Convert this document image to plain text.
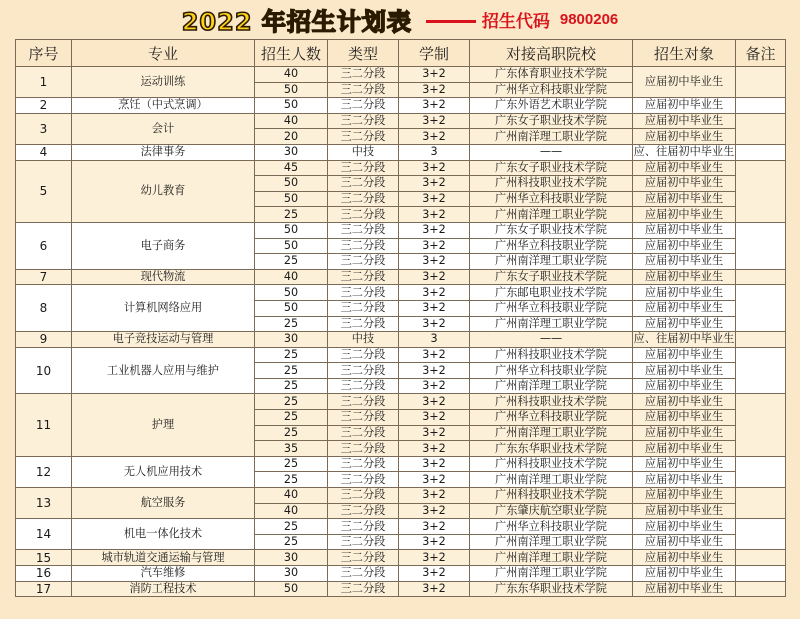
2022 年招生计划表	招生代码 9800206
序号	专业	招生人数	类型	学制	对接高职院校	招生对象	备注
1	运动训练	40	三二分段	3+2	广东体育职业技术学院	应届初中毕业生	
		50	三二分段	3+2	广州华立科技职业学院		
2	烹饪（中式烹调）	50	三二分段	3+2	广东外语艺术职业学院	应届初中毕业生	
3	会计	40	三二分段	3+2	广东女子职业技术学院	应届初中毕业生	
		20	三二分段	3+2	广州南洋理工职业学院	应届初中毕业生	
4	法律事务	30	中技	3	——	应、往届初中毕业生	
5	幼儿教育	45	三二分段	3+2	广东女子职业技术学院	应届初中毕业生	
		50	三二分段	3+2	广州科技职业技术学院	应届初中毕业生	
		50	三二分段	3+2	广州华立科技职业学院	应届初中毕业生	
		25	三二分段	3+2	广州南洋理工职业学院	应届初中毕业生	
6	电子商务	50	三二分段	3+2	广东女子职业技术学院	应届初中毕业生	
		50	三二分段	3+2	广州华立科技职业学院	应届初中毕业生	
		25	三二分段	3+2	广州南洋理工职业学院	应届初中毕业生	
7	现代物流	40	三二分段	3+2	广东女子职业技术学院	应届初中毕业生	
8	计算机网络应用	50	三二分段	3+2	广东邮电职业技术学院	应届初中毕业生	
		50	三二分段	3+2	广州华立科技职业学院	应届初中毕业生	
		25	三二分段	3+2	广州南洋理工职业学院	应届初中毕业生	
9	电子竞技运动与管理	30	中技	3	——	应、往届初中毕业生	
10	工业机器人应用与维护	25	三二分段	3+2	广州科技职业技术学院	应届初中毕业生	
		25	三二分段	3+2	广州华立科技职业学院	应届初中毕业生	
		25	三二分段	3+2	广州南洋理工职业学院	应届初中毕业生	
11	护理	25	三二分段	3+2	广州科技职业技术学院	应届初中毕业生	
		25	三二分段	3+2	广州华立科技职业学院	应届初中毕业生	
		25	三二分段	3+2	广州南洋理工职业学院	应届初中毕业生	
		35	三二分段	3+2	广东东华职业技术学院	应届初中毕业生	
12	无人机应用技术	25	三二分段	3+2	广州科技职业技术学院	应届初中毕业生	
		25	三二分段	3+2	广州南洋理工职业学院	应届初中毕业生	
13	航空服务	40	三二分段	3+2	广州科技职业技术学院	应届初中毕业生	
		40	三二分段	3+2	广东肇庆航空职业学院	应届初中毕业生	
14	机电一体化技术	25	三二分段	3+2	广州华立科技职业学院	应届初中毕业生	
		25	三二分段	3+2	广州南洋理工职业学院	应届初中毕业生	
15	城市轨道交通运输与管理	30	三二分段	3+2	广州南洋理工职业学院	应届初中毕业生	
16	汽车维修	30	三二分段	3+2	广州南洋理工职业学院	应届初中毕业生	
17	消防工程技术	50	三二分段	3+2	广东东华职业技术学院	应届初中毕业生	
